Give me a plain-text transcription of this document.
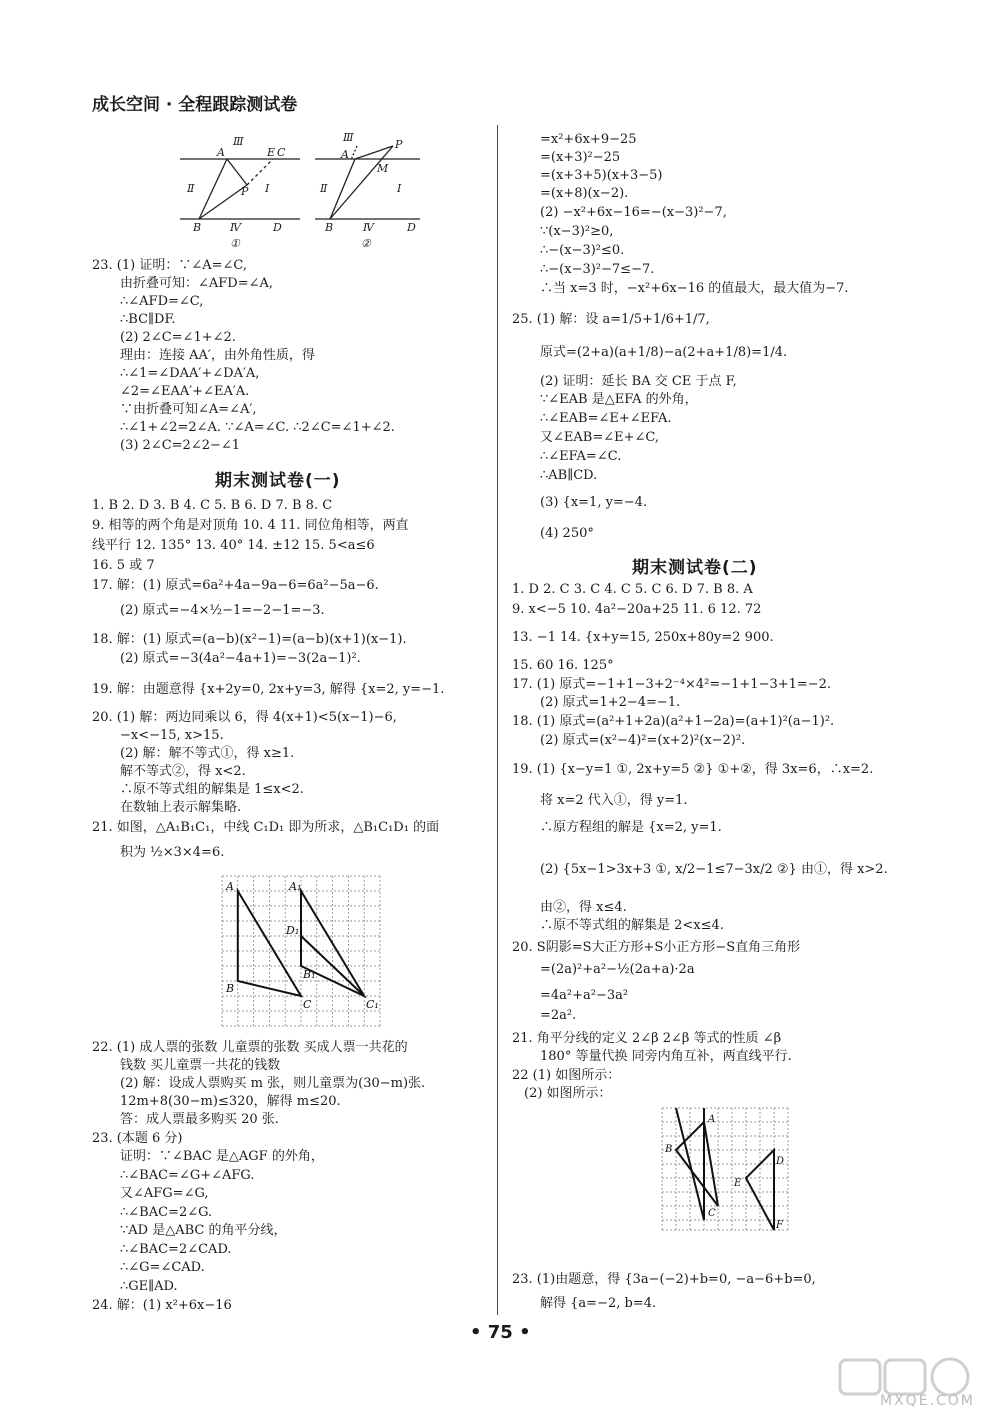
成长空间 · 全程跟踪测试卷
Ⅲ
A	E C
Ⅱ	P Ⅰ
B	Ⅳ	D
①
Ⅲ
A
P
M
Ⅱ	Ⅰ
B	Ⅳ	D
②
23. (1) 证明：∵∠A=∠C,
由折叠可知：∠AFD=∠A,
∴∠AFD=∠C,
∴BC∥DF.
(2) 2∠C=∠1+∠2.
理由：连接 AA′，由外角性质，得
∴∠1=∠DAA′+∠DA′A,
∠2=∠EAA′+∠EA′A.
∵由折叠可知∠A=∠A′,
∴∠1+∠2=2∠A. ∵∠A=∠C. ∴2∠C=∠1+∠2.
(3) 2∠C=2∠2−∠1
期末测试卷(一)
1. B 2. D 3. B 4. C 5. B 6. D 7. B 8. C
9. 相等的两个角是对顶角 10. 4 11. 同位角相等，两直
线平行 12. 135° 13. 40° 14. ±12 15. 5<a≤6
16. 5 或 7
17. 解：(1) 原式=6a²+4a−9a−6=6a²−5a−6.
(2) 原式=−4×½−1=−2−1=−3.
18. 解：(1) 原式=(a−b)(x²−1)=(a−b)(x+1)(x−1).
(2) 原式=−3(4a²−4a+1)=−3(2a−1)².
19. 解：由题意得 {x+2y=0, 2x+y=3, 解得 {x=2, y=−1.
20. (1) 解：两边同乘以 6，得 4(x+1)<5(x−1)−6,
−x<−15, x>15.
(2) 解：解不等式①，得 x≥1.
解不等式②，得 x<2.
∴原不等式组的解集是 1≤x<2.
在数轴上表示解集略.
21. 如图，△A₁B₁C₁，中线 C₁D₁ 即为所求，△B₁C₁D₁ 的面
积为 ½×3×4=6.
A	A₁
D₁
B₁
B
C	C₁
22. (1) 成人票的张数 儿童票的张数 买成人票一共花的
钱数 买儿童票一共花的钱数
(2) 解：设成人票购买 m 张，则儿童票为(30−m)张.
12m+8(30−m)≤320，解得 m≤20.
答：成人票最多购买 20 张.
23. (本题 6 分)
证明：∵∠BAC 是△AGF 的外角，
∴∠BAC=∠G+∠AFG.
又∠AFG=∠G,
∴∠BAC=2∠G.
∵AD 是△ABC 的角平分线，
∴∠BAC=2∠CAD.
∴∠G=∠CAD.
∴GE∥AD.
24. 解：(1) x²+6x−16
=x²+6x+9−25
=(x+3)²−25
=(x+3+5)(x+3−5)
=(x+8)(x−2).
(2) −x²+6x−16=−(x−3)²−7,
∵(x−3)²≥0,
∴−(x−3)²≤0.
∴−(x−3)²−7≤−7.
∴当 x=3 时，−x²+6x−16 的值最大，最大值为−7.
25. (1) 解：设 a=1/5+1/6+1/7,
原式=(2+a)(a+1/8)−a(2+a+1/8)=1/4.
(2) 证明：延长 BA 交 CE 于点 F,
∵∠EAB 是△EFA 的外角，
∴∠EAB=∠E+∠EFA.
又∠EAB=∠E+∠C,
∴∠EFA=∠C.
∴AB∥CD.
(3) {x=1, y=−4.
(4) 250°
期末测试卷(二)
1. D 2. C 3. C 4. C 5. C 6. D 7. B 8. A
9. x<−5 10. 4a²−20a+25 11. 6 12. 72
13. −1 14. {x+y=15, 250x+80y=2 900.
15. 60 16. 125°
17. (1) 原式=−1+1−3+2⁻⁴×4²=−1+1−3+1=−2.
(2) 原式=1+2−4=−1.
18. (1) 原式=(a²+1+2a)(a²+1−2a)=(a+1)²(a−1)².
(2) 原式=(x²−4)²=(x+2)²(x−2)².
19. (1) {x−y=1 ①, 2x+y=5 ②} ①+②，得 3x=6，∴x=2.
将 x=2 代入①，得 y=1.
∴原方程组的解是 {x=2, y=1.
(2) {5x−1>3x+3 ①, x/2−1≤7−3x/2 ②} 由①，得 x>2.
由②，得 x≤4.
∴原不等式组的解集是 2<x≤4.
20. S阴影=S大正方形+S小正方形−S直角三角形
=(2a)²+a²−½(2a+a)·2a
=4a²+a²−3a²
=2a².
21. 角平分线的定义 2∠β 2∠β 等式的性质 ∠β
180° 等量代换 同旁内角互补，两直线平行.
22 (1) 如图所示：
(2) 如图所示：
A
B
D
E
C
F
23. (1)由题意，得 {3a−(−2)+b=0, −a−6+b=0,
解得 {a=−2, b=4.
• 75 •
MXQE.COM
